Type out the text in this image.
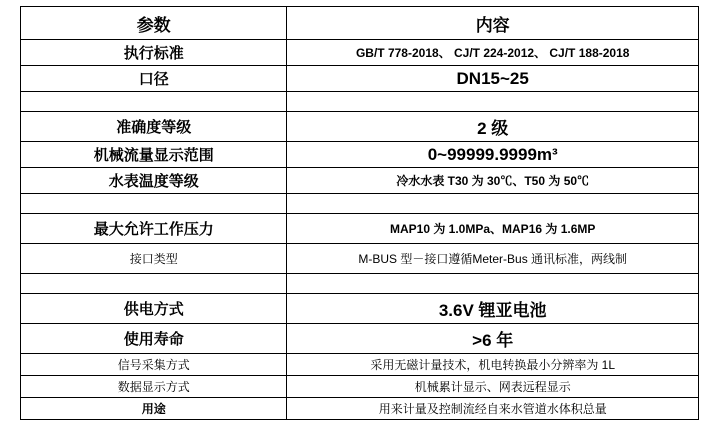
参数	内容
执行标准	GB/T 778-2018、 CJ/T 224-2012、 CJ/T 188-2018
口径	DN15~25

准确度等级	2 级
机械流量显示范围	0~99999.9999m³
水表温度等级	冷水水表 T30 为 30℃、T50 为 50℃

最大允许工作压力	MAP10 为 1.0MPa、MAP16 为 1.6MP
接口类型	M-BUS 型－接口遵循Meter-Bus 通讯标准，两线制

供电方式	3.6V 锂亚电池
使用寿命	>6 年
信号采集方式	采用无磁计量技术，机电转换最小分辨率为 1L
数据显示方式	机械累计显示、网表远程显示
用途	用来计量及控制流经自来水管道水体积总量
